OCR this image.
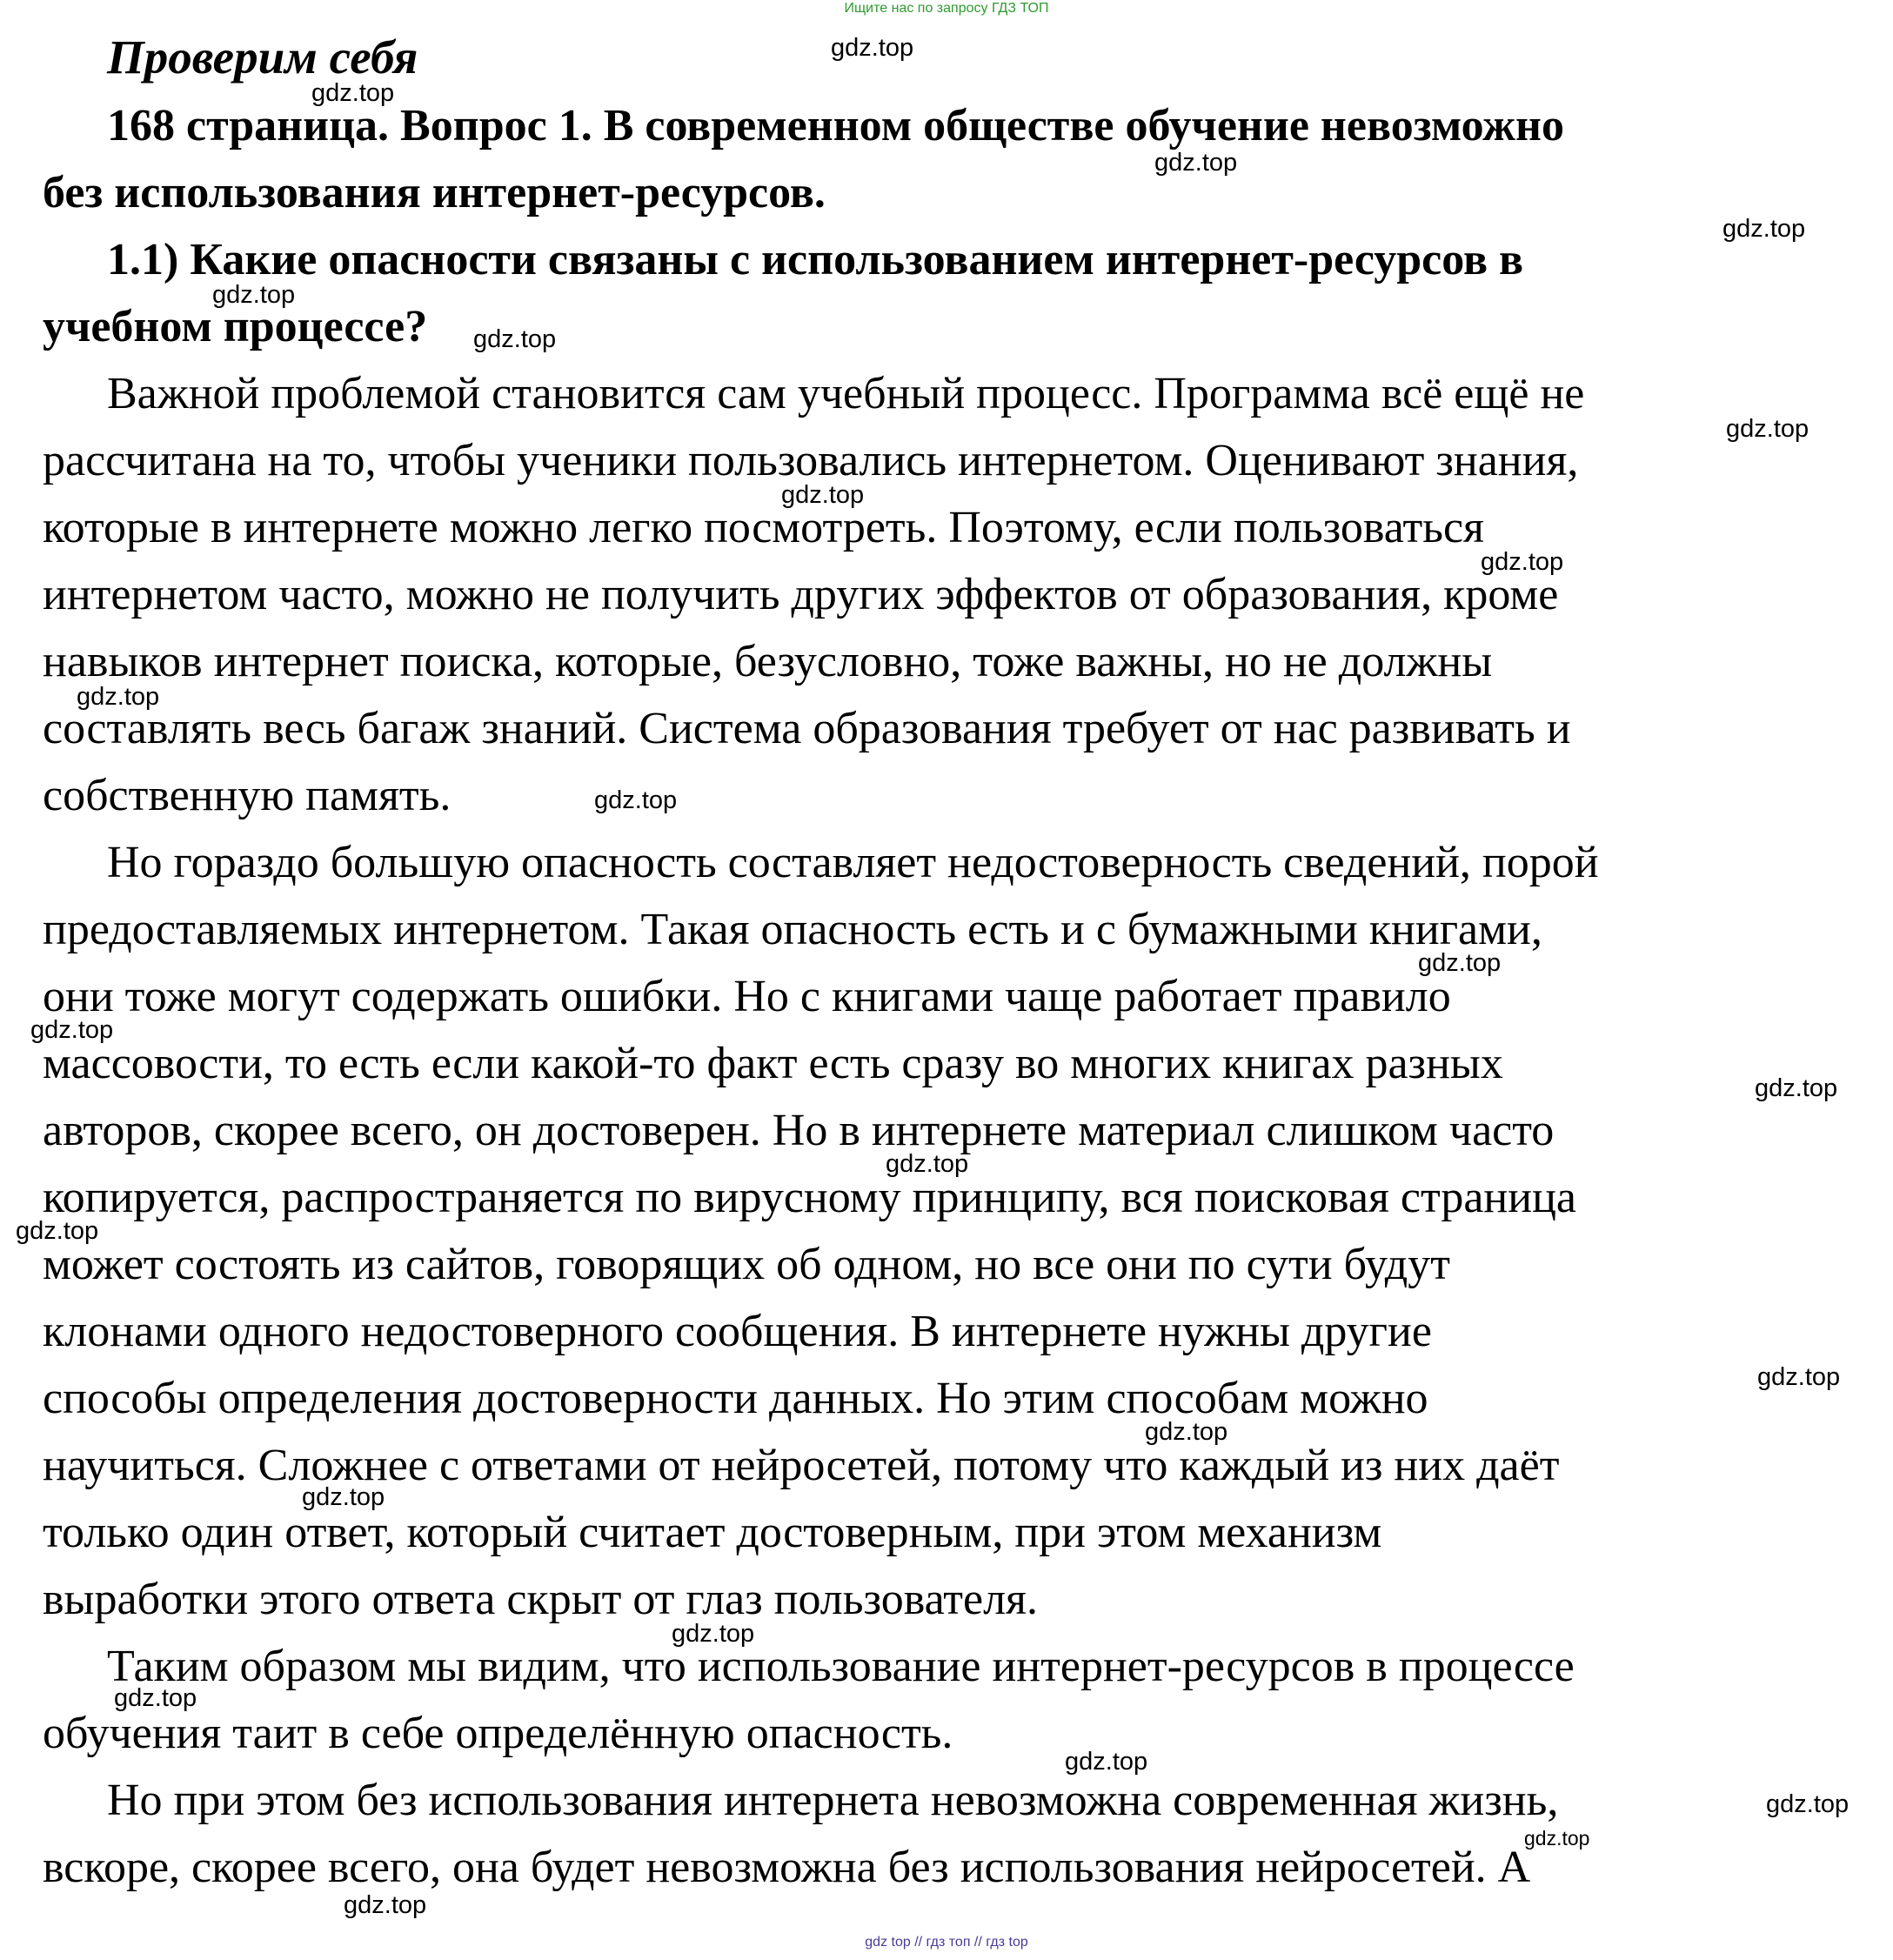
Ищите нас по запросу ГДЗ ТОП
Проверим себя
168 страница. Вопрос 1. В современном обществе обучение невозможно
без использования интернет-ресурсов.
1.1) Какие опасности связаны с использованием интернет-ресурсов в
учебном процессе?
Важной проблемой становится сам учебный процесс. Программа всё ещё не
рассчитана на то, чтобы ученики пользовались интернетом. Оценивают знания,
которые в интернете можно легко посмотреть. Поэтому, если пользоваться
интернетом часто, можно не получить других эффектов от образования, кроме
навыков интернет поиска, которые, безусловно, тоже важны, но не должны
составлять весь багаж знаний. Система образования требует от нас развивать и
собственную память.
Но гораздо большую опасность составляет недостоверность сведений, порой
предоставляемых интернетом. Такая опасность есть и с бумажными книгами,
они тоже могут содержать ошибки. Но с книгами чаще работает правило
массовости, то есть если какой-то факт есть сразу во многих книгах разных
авторов, скорее всего, он достоверен. Но в интернете материал слишком часто
копируется, распространяется по вирусному принципу, вся поисковая страница
может состоять из сайтов, говорящих об одном, но все они по сути будут
клонами одного недостоверного сообщения. В интернете нужны другие
способы определения достоверности данных. Но этим способам можно
научиться. Сложнее с ответами от нейросетей, потому что каждый из них даёт
только один ответ, который считает достоверным, при этом механизм
выработки этого ответа скрыт от глаз пользователя.
Таким образом мы видим, что использование интернет-ресурсов в процессе
обучения таит в себе определённую опасность.
Но при этом без использования интернета невозможна современная жизнь,
вскоре, скорее всего, она будет невозможна без использования нейросетей. А
gdz.top
gdz.top
gdz.top
gdz.top
gdz.top
gdz.top
gdz.top
gdz.top
gdz.top
gdz.top
gdz.top
gdz.top
gdz.top
gdz.top
gdz.top
gdz.top
gdz.top
gdz.top
gdz.top
gdz.top
gdz.top
gdz.top
gdz.top
gdz.top
gdz.top
gdz top // гдз топ // гдз top
